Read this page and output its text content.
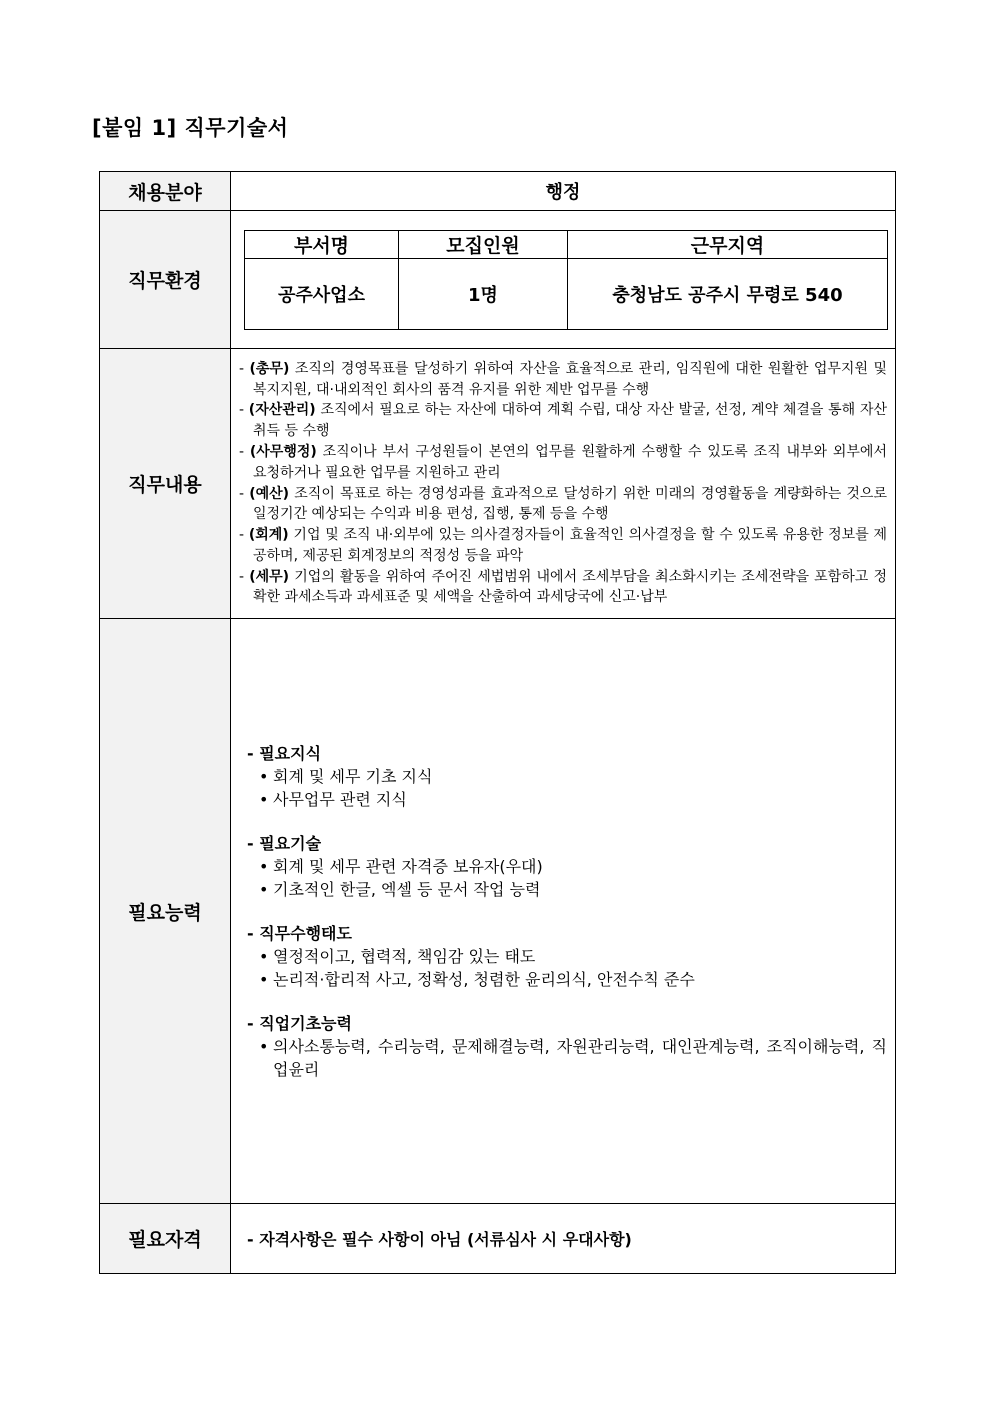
[붙임 1] 직무기술서
채용분야	행정
직무환경	
부서명	모집인원	근무지역
공주사업소	1명	충청남도 공주시 무령로 540

직무내용	
- (총무) 조직의 경영목표를 달성하기 위하여 자산을 효율적으로 관리, 임직원에 대한 원활한 업무지원 및 복지지원, 대·내외적인 회사의 품격 유지를 위한 제반 업무를 수행
- (자산관리) 조직에서 필요로 하는 자산에 대하여 계획 수립, 대상 자산 발굴, 선정, 계약 체결을 통해 자산 취득 등 수행
- (사무행정) 조직이나 부서 구성원들이 본연의 업무를 원활하게 수행할 수 있도록 조직 내부와 외부에서 요청하거나 필요한 업무를 지원하고 관리
- (예산) 조직이 목표로 하는 경영성과를 효과적으로 달성하기 위한 미래의 경영활동을 계량화하는 것으로 일정기간 예상되는 수익과 비용 편성, 집행, 통제 등을 수행
- (회계) 기업 및 조직 내·외부에 있는 의사결정자들이 효율적인 의사결정을 할 수 있도록 유용한 정보를 제공하며, 제공된 회계정보의 적정성 등을 파악
- (세무) 기업의 활동을 위하여 주어진 세법범위 내에서 조세부담을 최소화시키는 조세전략을 포함하고 정확한 과세소득과 과세표준 및 세액을 산출하여 과세당국에 신고·납부

필요능력	
- 필요지식
• 회계 및 세무 기초 지식
• 사무업무 관련 지식
- 필요기술
• 회계 및 세무 관련 자격증 보유자(우대)
• 기초적인 한글, 엑셀 등 문서 작업 능력
- 직무수행태도
• 열정적이고, 협력적, 책임감 있는 태도
• 논리적·합리적 사고, 정확성, 청렴한 윤리의식, 안전수칙 준수
- 직업기초능력
• 의사소통능력, 수리능력, 문제해결능력, 자원관리능력, 대인관계능력, 조직이해능력, 직업윤리

필요자격	- 자격사항은 필수 사항이 아님 (서류심사 시 우대사항)
